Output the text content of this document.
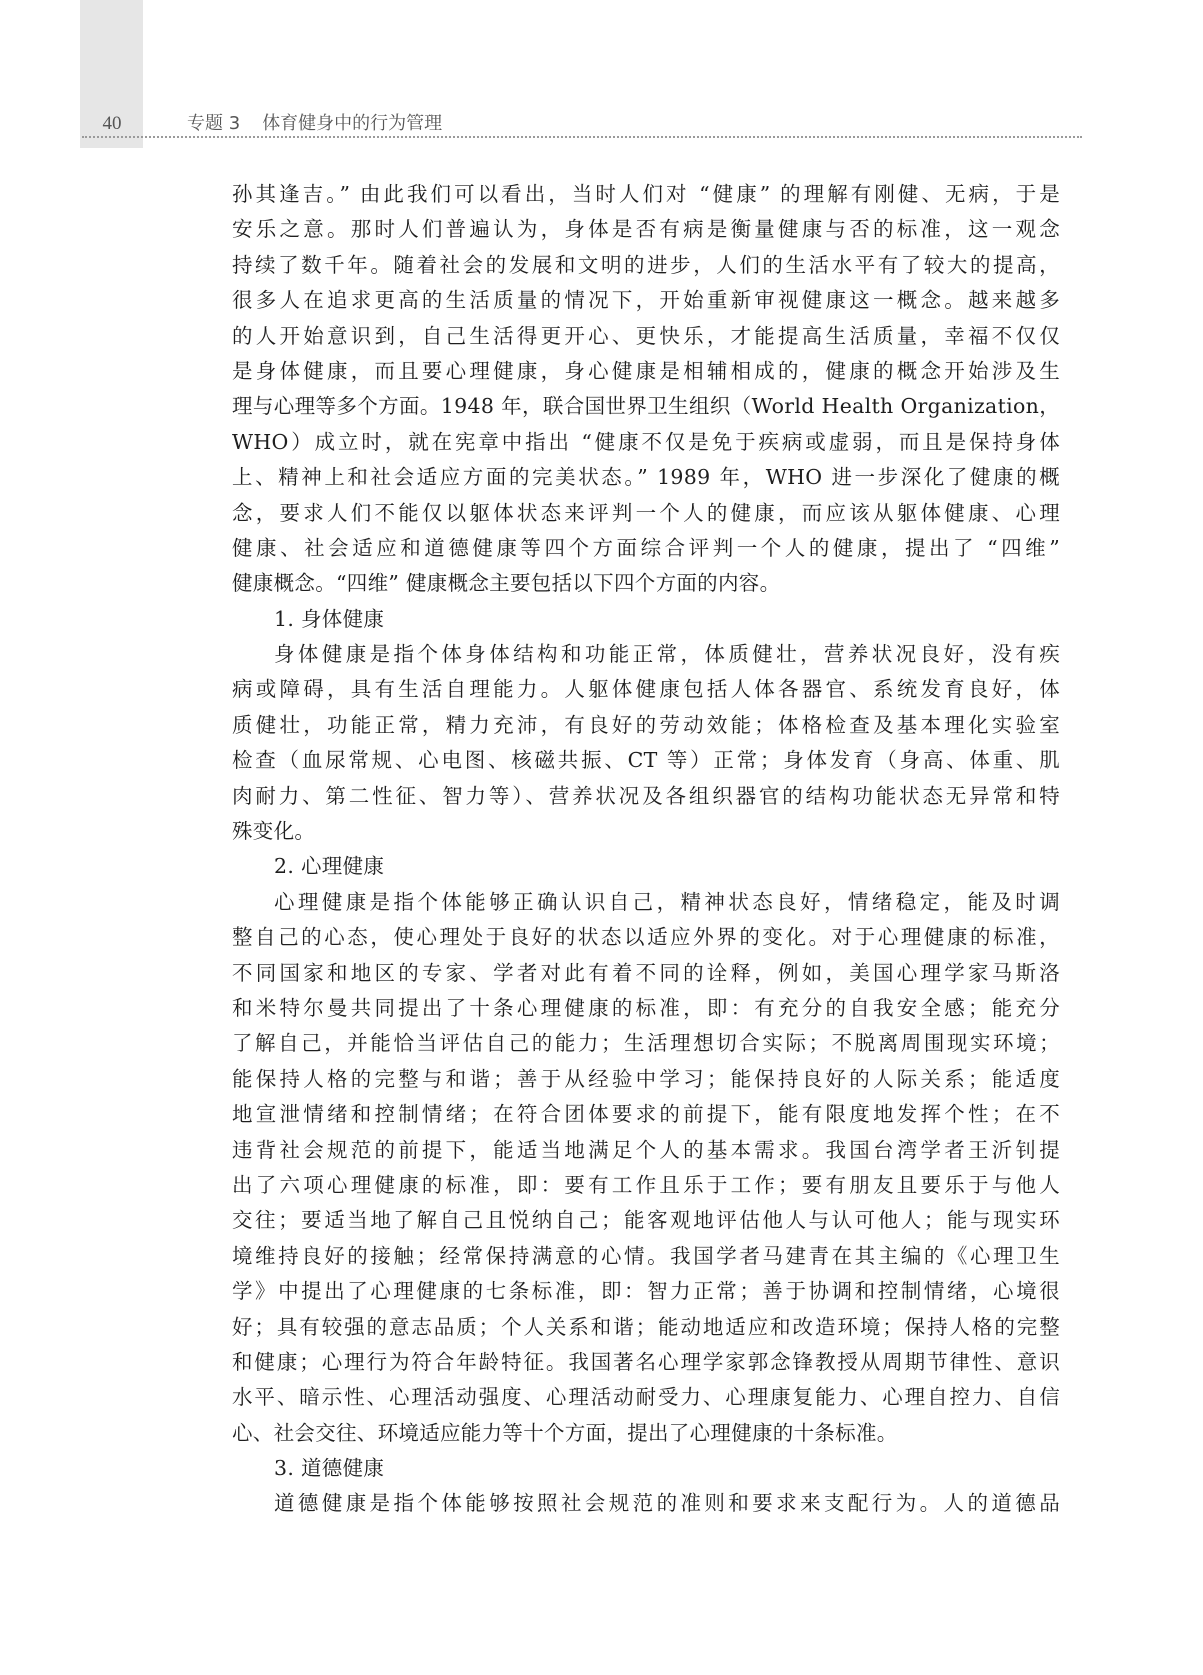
40	专题 3 体育健身中的行为管理
孙其逢吉。” 由此我们可以看出，当时人们对 “健康” 的理解有刚健、无病，于是
安乐之意。那时人们普遍认为，身体是否有病是衡量健康与否的标准，这一观念
持续了数千年。随着社会的发展和文明的进步，人们的生活水平有了较大的提高，
很多人在追求更高的生活质量的情况下，开始重新审视健康这一概念。越来越多
的人开始意识到，自己生活得更开心、更快乐，才能提高生活质量，幸福不仅仅
是身体健康，而且要心理健康，身心健康是相辅相成的，健康的概念开始涉及生
理与心理等多个方面。1948 年，联合国世界卫生组织（World Health Organization，
WHO）成立时，就在宪章中指出 “健康不仅是免于疾病或虚弱，而且是保持身体
上、精神上和社会适应方面的完美状态。” 1989 年，WHO 进一步深化了健康的概
念，要求人们不能仅以躯体状态来评判一个人的健康，而应该从躯体健康、心理
健康、社会适应和道德健康等四个方面综合评判一个人的健康，提出了 “四维”
健康概念。“四维” 健康概念主要包括以下四个方面的内容。
1. 身体健康
身体健康是指个体身体结构和功能正常，体质健壮，营养状况良好，没有疾
病或障碍，具有生活自理能力。人躯体健康包括人体各器官、系统发育良好，体
质健壮，功能正常，精力充沛，有良好的劳动效能；体格检查及基本理化实验室
检查（血尿常规、心电图、核磁共振、CT 等）正常；身体发育（身高、体重、肌
肉耐力、第二性征、智力等）、营养状况及各组织器官的结构功能状态无异常和特
殊变化。
2. 心理健康
心理健康是指个体能够正确认识自己，精神状态良好，情绪稳定，能及时调
整自己的心态，使心理处于良好的状态以适应外界的变化。对于心理健康的标准，
不同国家和地区的专家、学者对此有着不同的诠释，例如，美国心理学家马斯洛
和米特尔曼共同提出了十条心理健康的标准，即：有充分的自我安全感；能充分
了解自己，并能恰当评估自己的能力；生活理想切合实际；不脱离周围现实环境；
能保持人格的完整与和谐；善于从经验中学习；能保持良好的人际关系；能适度
地宣泄情绪和控制情绪；在符合团体要求的前提下，能有限度地发挥个性；在不
违背社会规范的前提下，能适当地满足个人的基本需求。我国台湾学者王沂钊提
出了六项心理健康的标准，即：要有工作且乐于工作；要有朋友且要乐于与他人
交往；要适当地了解自己且悦纳自己；能客观地评估他人与认可他人；能与现实环
境维持良好的接触；经常保持满意的心情。我国学者马建青在其主编的《心理卫生
学》中提出了心理健康的七条标准，即：智力正常；善于协调和控制情绪，心境很
好；具有较强的意志品质；个人关系和谐；能动地适应和改造环境；保持人格的完整
和健康；心理行为符合年龄特征。我国著名心理学家郭念锋教授从周期节律性、意识
水平、暗示性、心理活动强度、心理活动耐受力、心理康复能力、心理自控力、自信
心、社会交往、环境适应能力等十个方面，提出了心理健康的十条标准。
3. 道德健康
道德健康是指个体能够按照社会规范的准则和要求来支配行为。人的道德品
